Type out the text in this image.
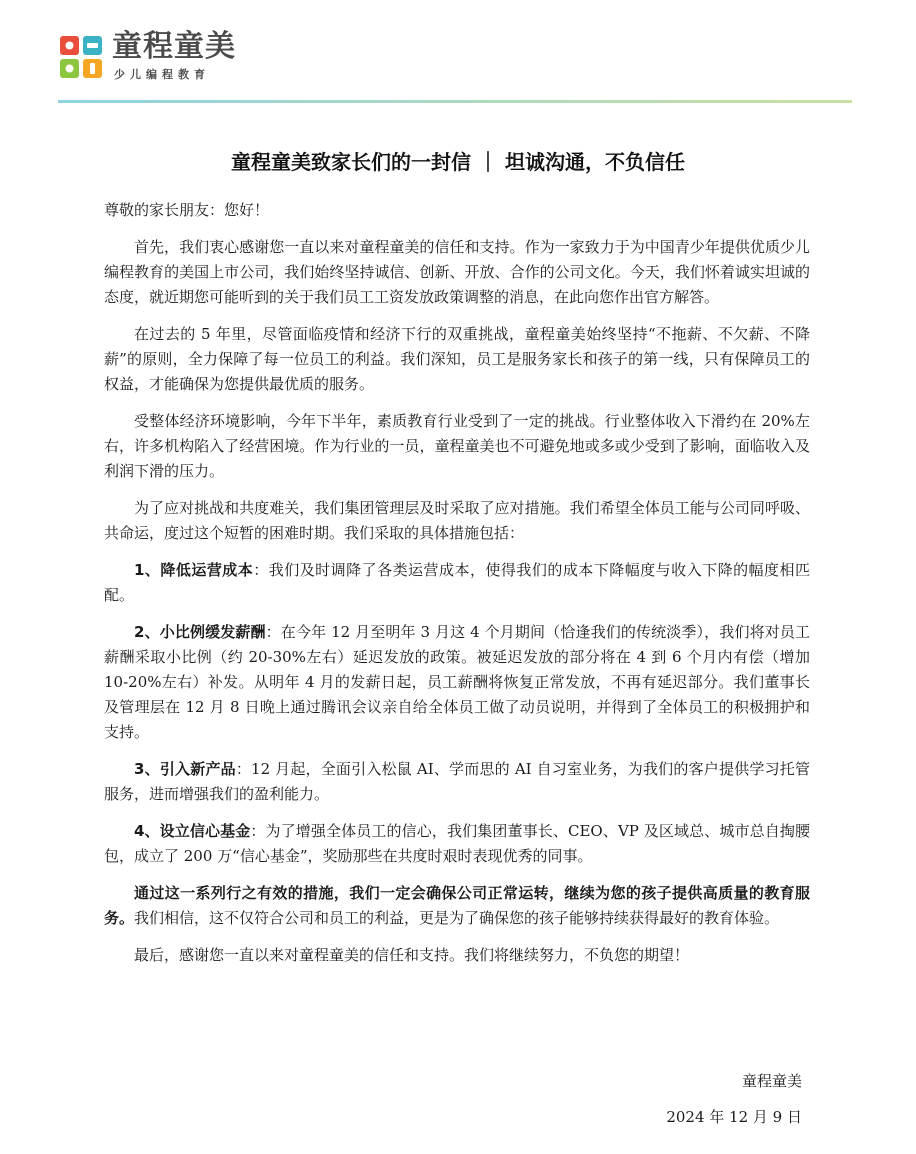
童程童美
少儿编程教育
童程童美致家长们的一封信 ｜ 坦诚沟通，不负信任

尊敬的家长朋友：您好！

首先，我们衷心感谢您一直以来对童程童美的信任和支持。作为一家致力于为中国青少年提供优质少儿编程教育的美国上市公司，我们始终坚持诚信、创新、开放、合作的公司文化。今天，我们怀着诚实坦诚的态度，就近期您可能听到的关于我们员工工资发放政策调整的消息，在此向您作出官方解答。

在过去的 5 年里，尽管面临疫情和经济下行的双重挑战，童程童美始终坚持“不拖薪、不欠薪、不降薪”的原则，全力保障了每一位员工的利益。我们深知，员工是服务家长和孩子的第一线，只有保障员工的权益，才能确保为您提供最优质的服务。

受整体经济环境影响，今年下半年，素质教育行业受到了一定的挑战。行业整体收入下滑约在 20%左右，许多机构陷入了经营困境。作为行业的一员，童程童美也不可避免地或多或少受到了影响，面临收入及利润下滑的压力。

为了应对挑战和共度难关，我们集团管理层及时采取了应对措施。我们希望全体员工能与公司同呼吸、共命运，度过这个短暂的困难时期。我们采取的具体措施包括：

1、降低运营成本：我们及时调降了各类运营成本，使得我们的成本下降幅度与收入下降的幅度相匹配。

2、小比例缓发薪酬：在今年 12 月至明年 3 月这 4 个月期间（恰逢我们的传统淡季），我们将对员工薪酬采取小比例（约 20-30%左右）延迟发放的政策。被延迟发放的部分将在 4 到 6 个月内有偿（增加 10-20%左右）补发。从明年 4 月的发薪日起，员工薪酬将恢复正常发放，不再有延迟部分。我们董事长及管理层在 12 月 8 日晚上通过腾讯会议亲自给全体员工做了动员说明，并得到了全体员工的积极拥护和支持。

3、引入新产品：12 月起，全面引入松鼠 AI、学而思的 AI 自习室业务，为我们的客户提供学习托管服务，进而增强我们的盈利能力。

4、设立信心基金：为了增强全体员工的信心，我们集团董事长、CEO、VP 及区域总、城市总自掏腰包，成立了 200 万“信心基金”，奖励那些在共度时艰时表现优秀的同事。

通过这一系列行之有效的措施，我们一定会确保公司正常运转，继续为您的孩子提供高质量的教育服务。我们相信，这不仅符合公司和员工的利益，更是为了确保您的孩子能够持续获得最好的教育体验。

最后，感谢您一直以来对童程童美的信任和支持。我们将继续努力，不负您的期望！

童程童美
2024 年 12 月 9 日
